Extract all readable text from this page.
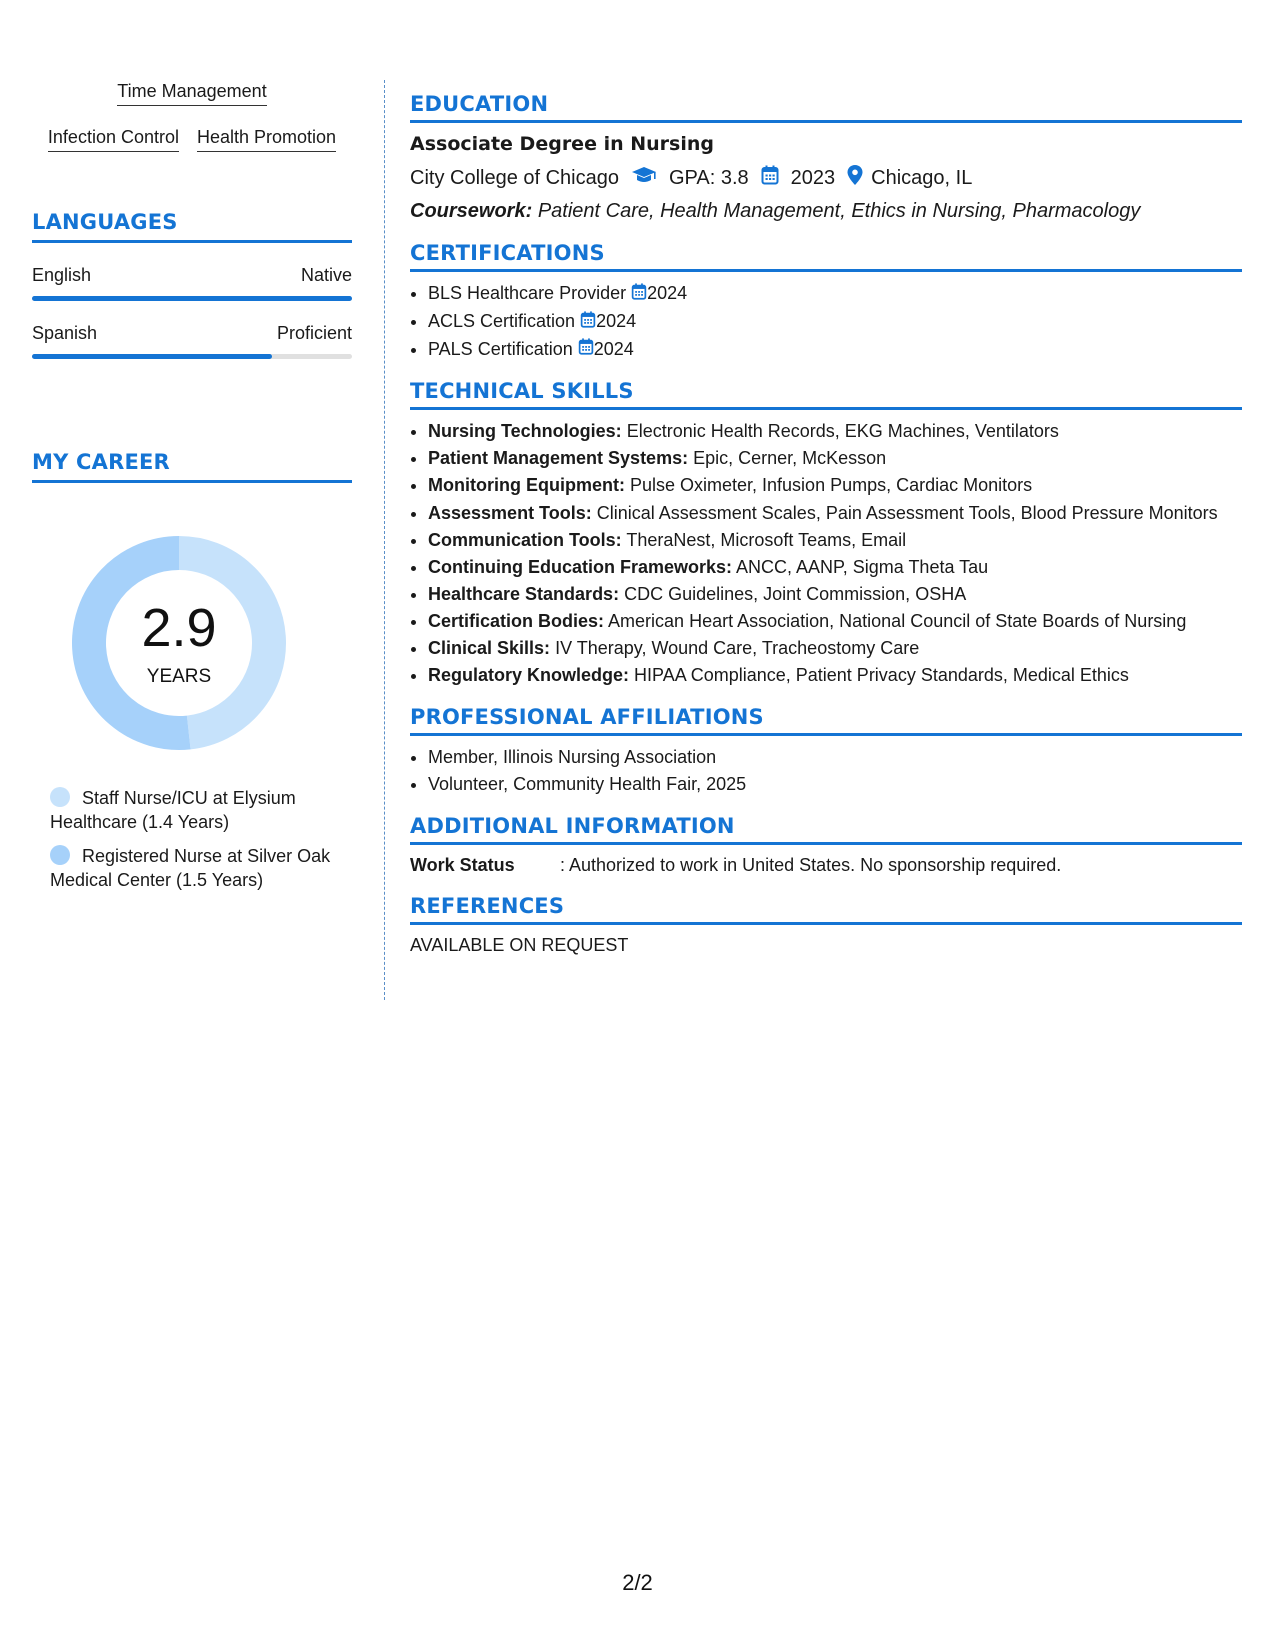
Time Management
Infection Control Health Promotion
LANGUAGES
English	Native
Spanish	Proficient
MY CAREER
2.9
YEARS
Staff Nurse/ICU at Elysium Healthcare (1.4 Years)
Registered Nurse at Silver Oak Medical Center (1.5 Years)
EDUCATION
Associate Degree in Nursing
City College of Chicago	GPA: 3.8 2023 Chicago, IL
Coursework: Patient Care, Health Management, Ethics in Nursing, Pharmacology
CERTIFICATIONS
• BLS Healthcare Provider 2024
• ACLS Certification 2024
• PALS Certification 2024
TECHNICAL SKILLS
• Nursing Technologies: Electronic Health Records, EKG Machines, Ventilators
• Patient Management Systems: Epic, Cerner, McKesson
• Monitoring Equipment: Pulse Oximeter, Infusion Pumps, Cardiac Monitors
• Assessment Tools: Clinical Assessment Scales, Pain Assessment Tools, Blood Pressure Monitors
• Communication Tools: TheraNest, Microsoft Teams, Email
• Continuing Education Frameworks: ANCC, AANP, Sigma Theta Tau
• Healthcare Standards: CDC Guidelines, Joint Commission, OSHA
• Certification Bodies: American Heart Association, National Council of State Boards of Nursing
• Clinical Skills: IV Therapy, Wound Care, Tracheostomy Care
• Regulatory Knowledge: HIPAA Compliance, Patient Privacy Standards, Medical Ethics
PROFESSIONAL AFFILIATIONS
• Member, Illinois Nursing Association
• Volunteer, Community Health Fair, 2025
ADDITIONAL INFORMATION
Work Status	: Authorized to work in United States. No sponsorship required.
REFERENCES
AVAILABLE ON REQUEST
2/2
